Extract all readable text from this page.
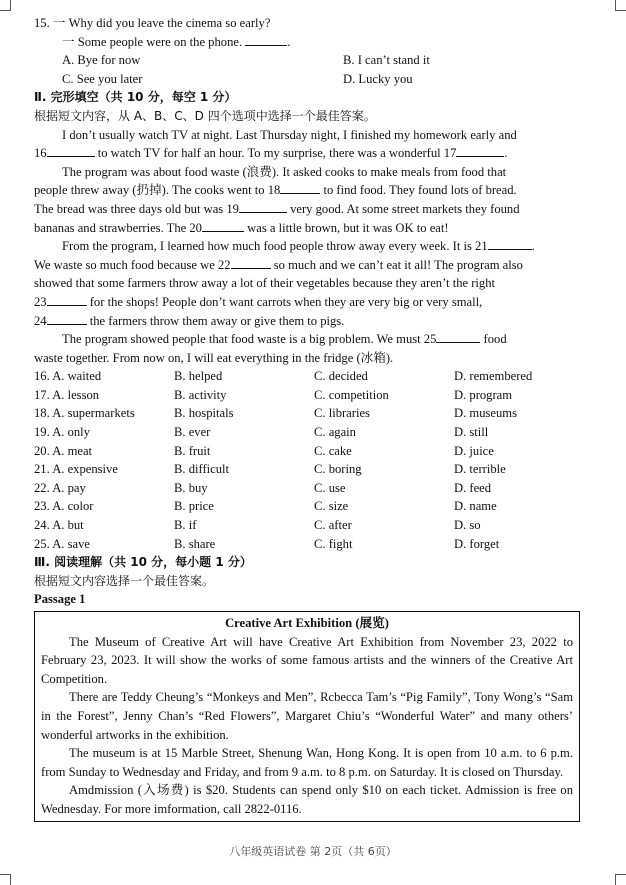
15. 一 Why did you leave the cinema so early?
一 Some people were on the phone.	.
A. Bye for now	B. I can’t stand it
C. See you later	D. Lucky you
Ⅱ. 完形填空（共 10 分，每空 1 分）
根据短文内容，从 A、B、C、D 四个选项中选择一个最佳答案。
I don’t usually watch TV at night. Last Thursday night, I finished my homework early and
16	to watch TV for half an hour. To my surprise, there was a wonderful 17	.
The program was about food waste (浪费). It asked cooks to make meals from food that
people threw away (扔掉). The cooks went to 18	to find food. They found lots of bread.
The bread was three days old but was 19	very good. At some street markets they found
bananas and strawberries. The 20	was a little brown, but it was OK to eat!
From the program, I learned how much food people throw away every week. It is 21	.
We waste so much food because we 22	so much and we can’t eat it all! The program also
showed that some farmers throw away a lot of their vegetables because they aren’t the right
23	for the shops! People don’t want carrots when they are very big or very small,
24	the farmers throw them away or give them to pigs.
The program showed people that food waste is a big problem. We must 25	food
waste together. From now on, I will eat everything in the fridge (冰箱).
16. A. waited	B. helped	C. decided	D. remembered
17. A. lesson	B. activity	C. competition	D. program
18. A. supermarkets	B. hospitals	C. libraries	D. museums
19. A. only	B. ever	C. again	D. still
20. A. meat	B. fruit	C. cake	D. juice
21. A. expensive	B. difficult	C. boring	D. terrible
22. A. pay	B. buy	C. use	D. feed
23. A. color	B. price	C. size	D. name
24. A. but	B. if	C. after	D. so
25. A. save	B. share	C. fight	D. forget
Ⅲ. 阅读理解（共 10 分，每小题 1 分）
根据短文内容选择一个最佳答案。
Passage 1
Creative Art Exhibition (展览)
The Museum of Creative Art will have Creative Art Exhibition from November 23, 2022 to February 23, 2023. It will show the works of some famous artists and the winners of the Creative Art Competition.
There are Teddy Cheung’s “Monkeys and Men”, Rcbecca Tam’s “Pig Family”, Tony Wong’s “Sam in the Forest”, Jenny Chan’s “Red Flowers”, Margaret Chiu’s “Wonderful Water” and many others’ wonderful artworks in the exhibition.
The museum is at 15 Marble Street, Shenung Wan, Hong Kong. It is open from 10 a.m. to 6 p.m. from Sunday to Wednesday and Friday, and from 9 a.m. to 8 p.m. on Saturday. It is closed on Thursday.
Amdmission (入场费) is $20. Students can spend only $10 on each ticket. Admission is free on Wednesday. For more imformation, call 2822-0116.
八年级英语试卷 第 2页（共 6页）
